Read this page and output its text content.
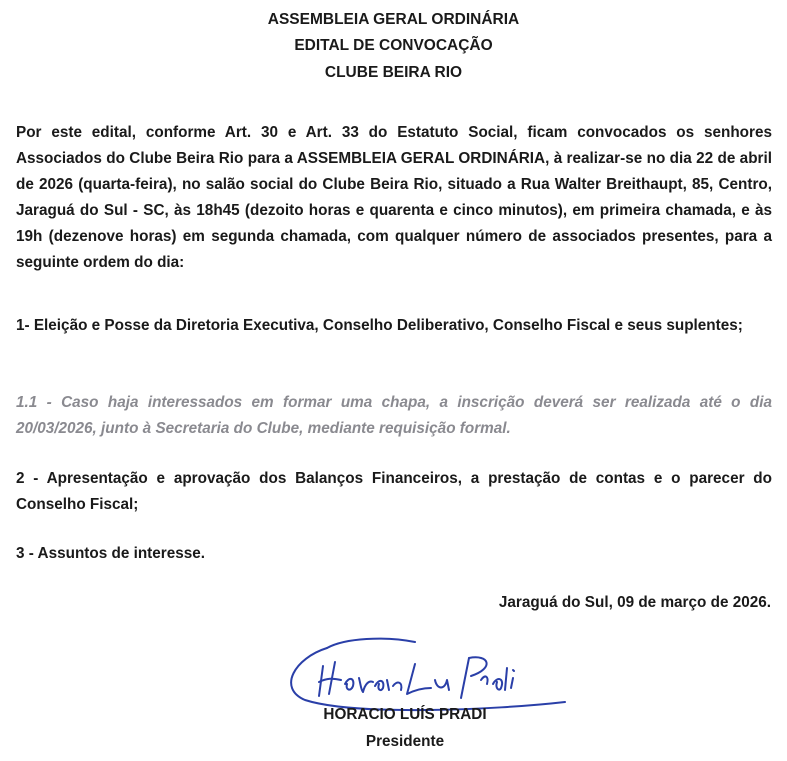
ASSEMBLEIA GERAL ORDINÁRIA
EDITAL DE CONVOCAÇÃO
CLUBE BEIRA RIO

Por este edital, conforme Art. 30 e Art. 33 do Estatuto Social, ficam convocados os senhores Associados do Clube Beira Rio para a ASSEMBLEIA GERAL ORDINÁRIA, à realizar-se no dia 22 de abril de 2026 (quarta-feira), no salão social do Clube Beira Rio, situado a Rua Walter Breithaupt, 85, Centro, Jaraguá do Sul - SC, às 18h45 (dezoito horas e quarenta e cinco minutos), em primeira chamada, e às 19h (dezenove horas) em segunda chamada, com qualquer número de associados presentes, para a seguinte ordem do dia:

1- Eleição e Posse da Diretoria Executiva, Conselho Deliberativo, Conselho Fiscal e seus suplentes;

1.1 - Caso haja interessados em formar uma chapa, a inscrição deverá ser realizada até o dia 20/03/2026, junto à Secretaria do Clube, mediante requisição formal.

2 - Apresentação e aprovação dos Balanços Financeiros, a prestação de contas e o parecer do Conselho Fiscal;

3 - Assuntos de interesse.

Jaraguá do Sul, 09 de março de 2026.

HORACIO LUÍS PRADI
Presidente
